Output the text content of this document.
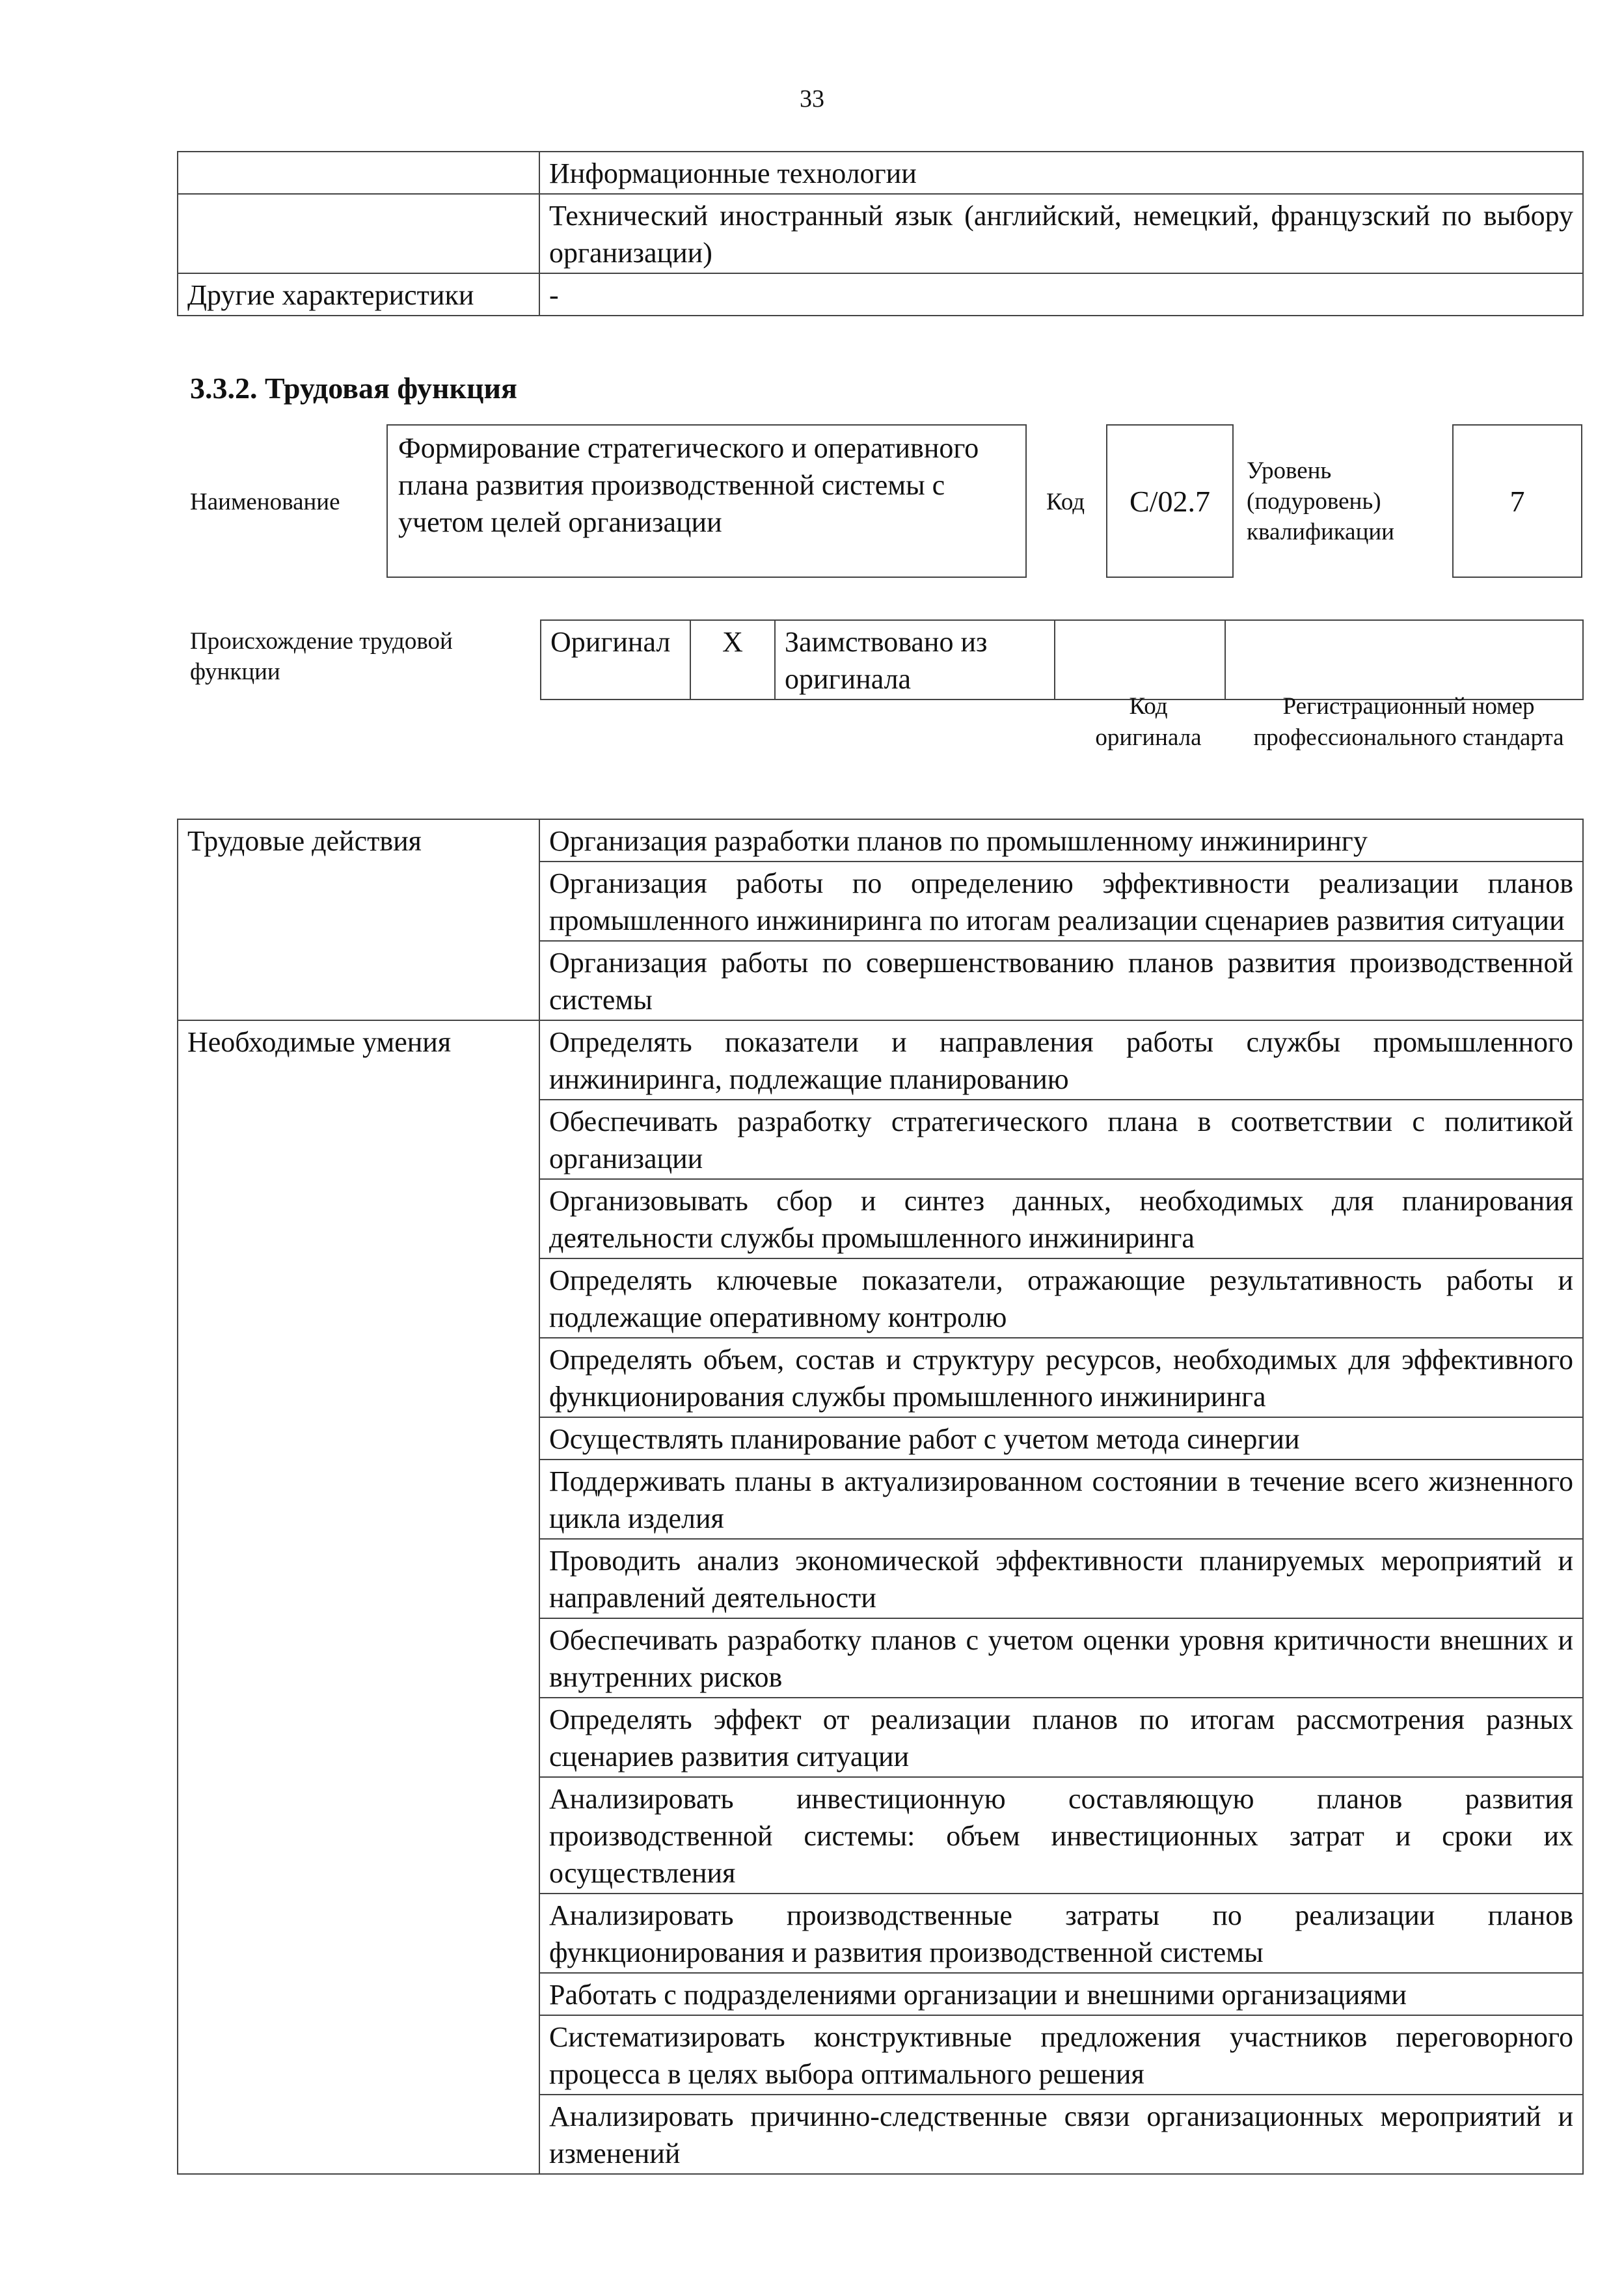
33
	Информационные технологии
	Технический иностранный язык (английский, немецкий, французский по выбору организации)
Другие характеристики	-
3.3.2. Трудовая функция
Наименование
Формирование стратегического и оперативного плана развития производственной системы с учетом целей организации
Код C/02.7
Уровень (подуровень) квалификации
7
Происхождение трудовой функции
Оригинал	X	Заимствовано из оригинала		
Код оригинала
Регистрационный номер профессионального стандарта
Трудовые действия	Организация разработки планов по промышленному инжинирингу
	Организация работы по определению эффективности реализации планов промышленного инжиниринга по итогам реализации сценариев развития ситуации
	Организация работы по совершенствованию планов развития производственной системы
Необходимые умения	Определять показатели и направления работы службы промышленного инжиниринга, подлежащие планированию
	Обеспечивать разработку стратегического плана в соответствии с политикой организации
	Организовывать сбор и синтез данных, необходимых для планирования деятельности службы промышленного инжиниринга
	Определять ключевые показатели, отражающие результативность работы и подлежащие оперативному контролю
	Определять объем, состав и структуру ресурсов, необходимых для эффективного функционирования службы промышленного инжиниринга
	Осуществлять планирование работ с учетом метода синергии
	Поддерживать планы в актуализированном состоянии в течение всего жизненного цикла изделия
	Проводить анализ экономической эффективности планируемых мероприятий и направлений деятельности
	Обеспечивать разработку планов с учетом оценки уровня критичности внешних и внутренних рисков
	Определять эффект от реализации планов по итогам рассмотрения разных сценариев развития ситуации
	Анализировать инвестиционную составляющую планов развития производственной системы: объем инвестиционных затрат и сроки их осуществления
	Анализировать производственные затраты по реализации планов функционирования и развития производственной системы
	Работать с подразделениями организации и внешними организациями
	Систематизировать конструктивные предложения участников переговорного процесса в целях выбора оптимального решения
	Анализировать причинно-следственные связи организационных мероприятий и изменений
